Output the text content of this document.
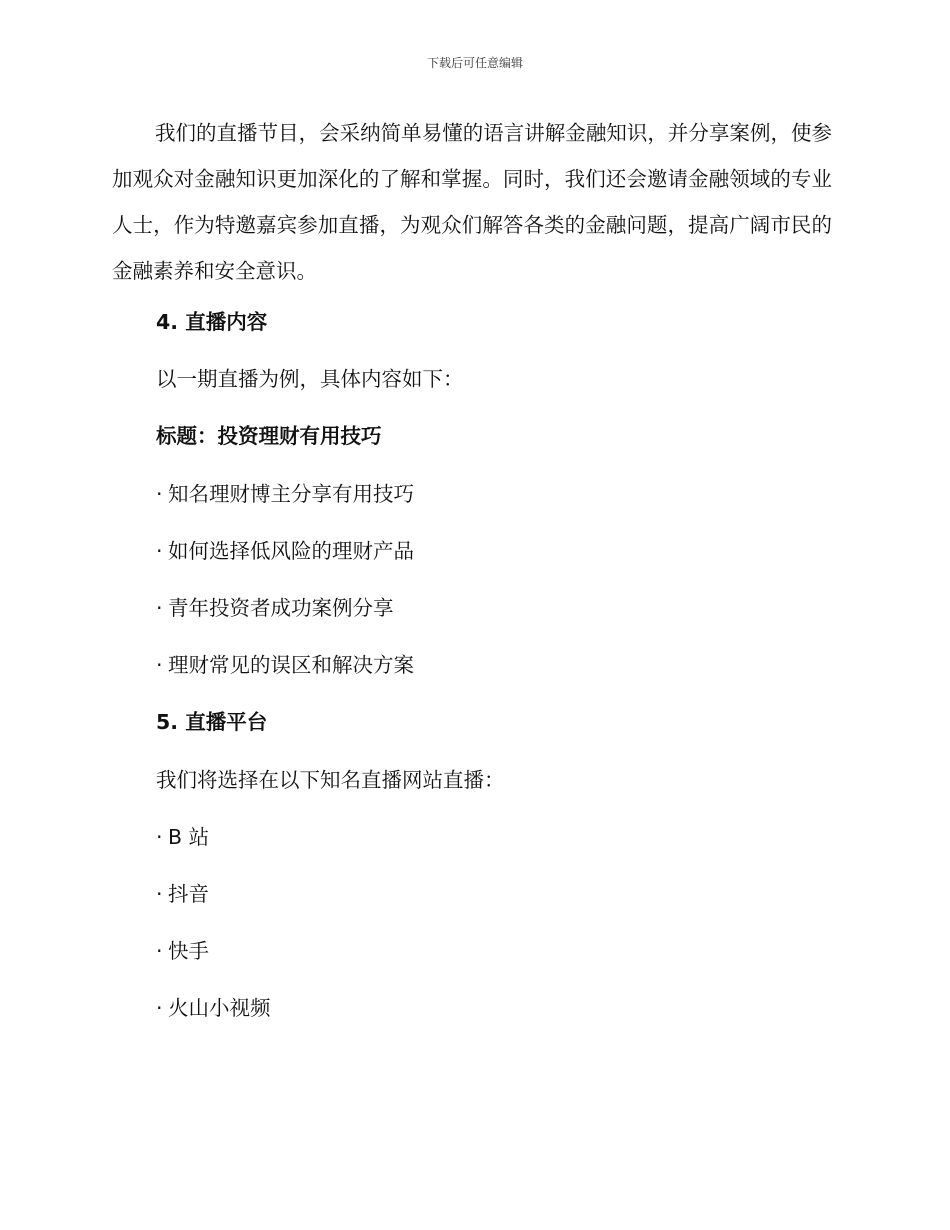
下载后可任意编辑

我们的直播节目，会采纳简单易懂的语言讲解金融知识，并分享案例，使参加观众对金融知识更加深化的了解和掌握。同时，我们还会邀请金融领域的专业人士，作为特邀嘉宾参加直播，为观众们解答各类的金融问题，提高广阔市民的金融素养和安全意识。

4. 直播内容

以一期直播为例，具体内容如下：

标题：投资理财有用技巧

· 知名理财博主分享有用技巧

· 如何选择低风险的理财产品

· 青年投资者成功案例分享

· 理财常见的误区和解决方案

5. 直播平台

我们将选择在以下知名直播网站直播：

· B 站

· 抖音

· 快手

· 火山小视频
